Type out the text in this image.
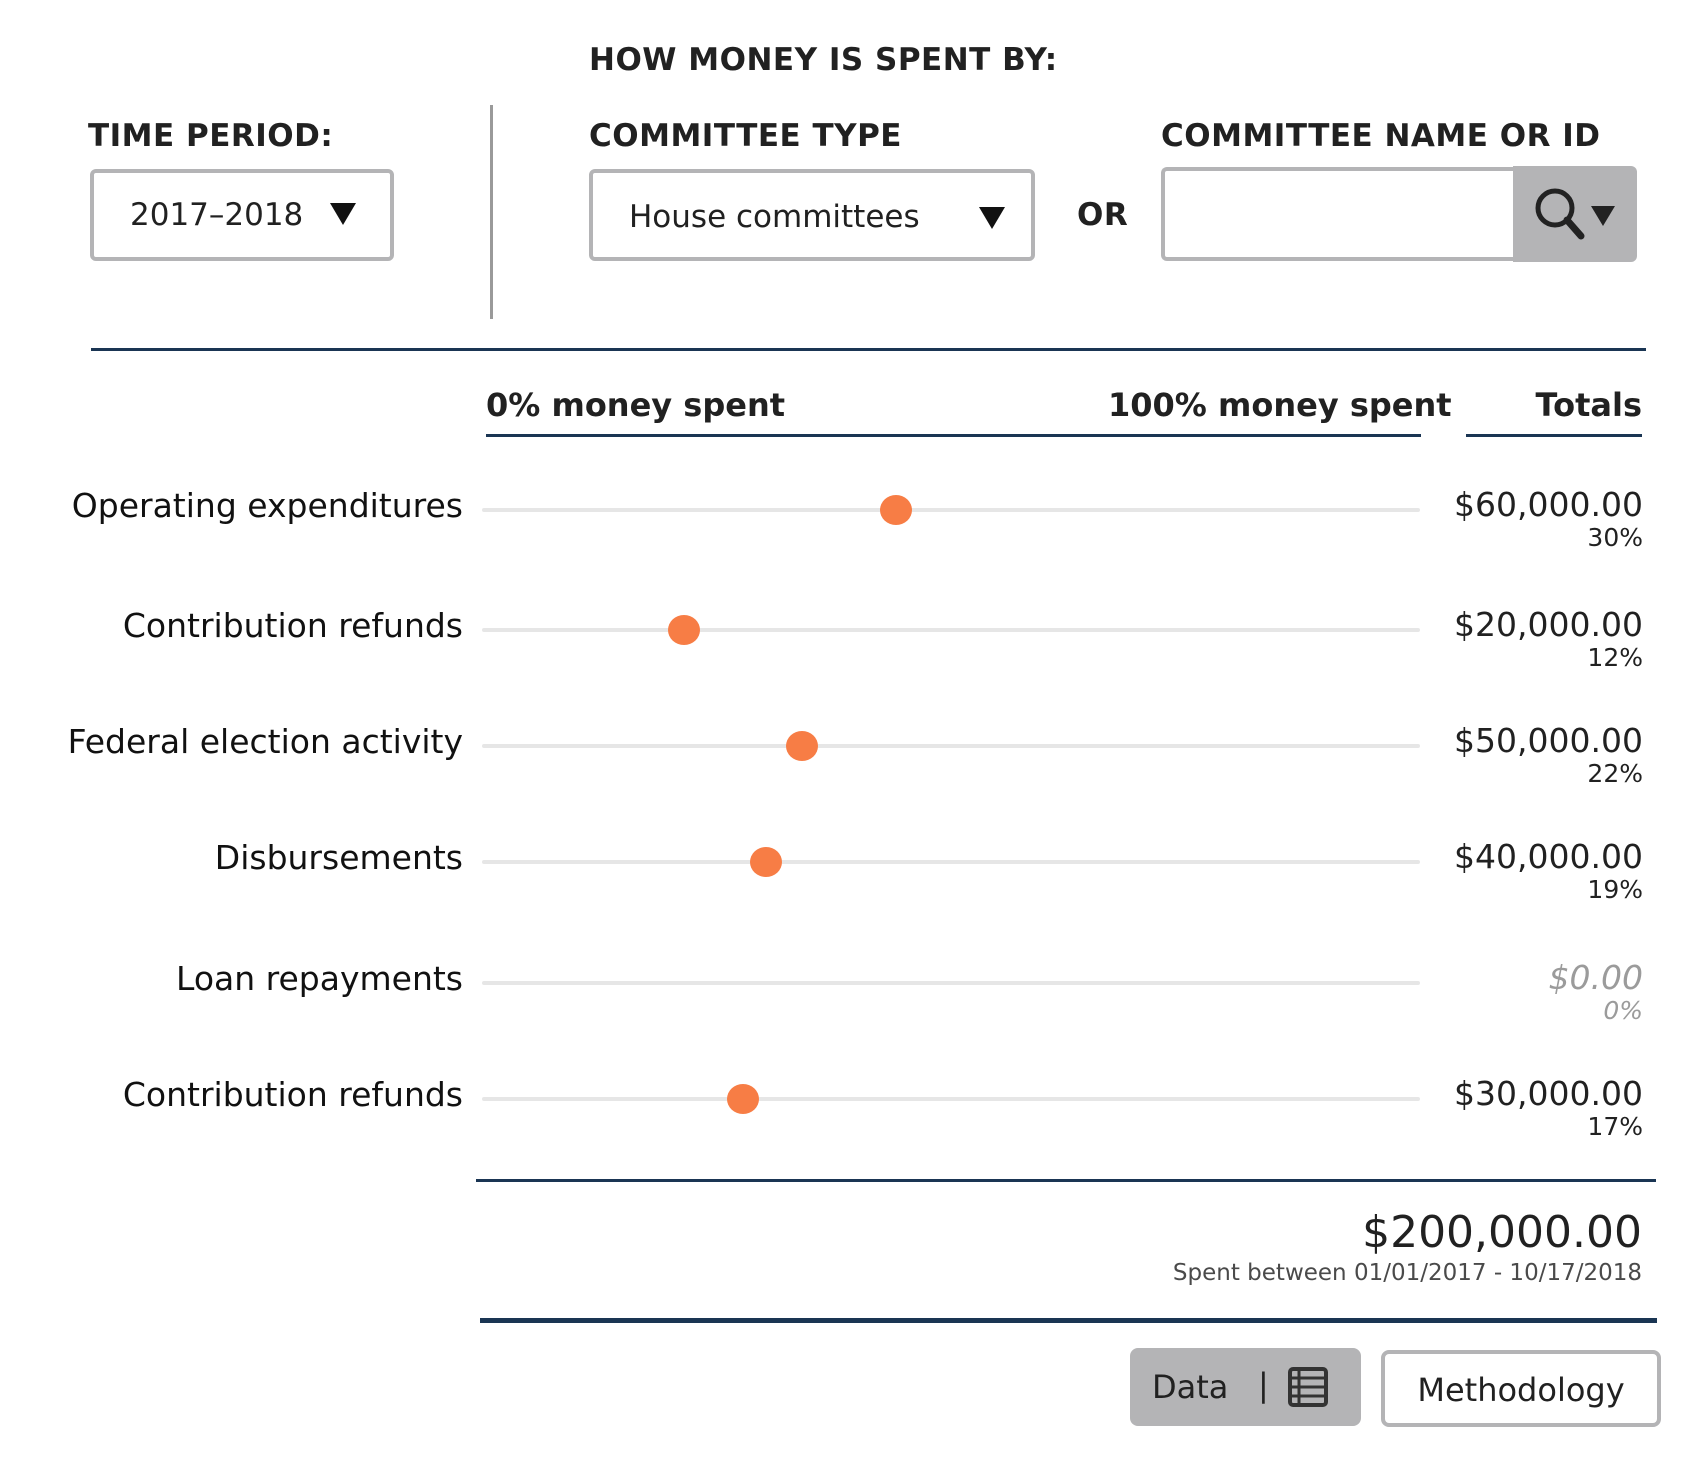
HOW MONEY IS SPENT BY:
TIME PERIOD:
2017–2018
COMMITTEE TYPE
House committees	OR
COMMITTEE NAME OR ID
0% money spent	100% money spent	Totals
Operating expenditures	$60,000.00
30%
Contribution refunds	$20,000.00
12%
Federal election activity	$50,000.00
22%
Disbursements	$40,000.00
19%
Loan repayments	$0.00
0%
Contribution refunds	$30,000.00
17%
$200,000.00
Spent between 01/01/2017 - 10/17/2018
Data |	Methodology
